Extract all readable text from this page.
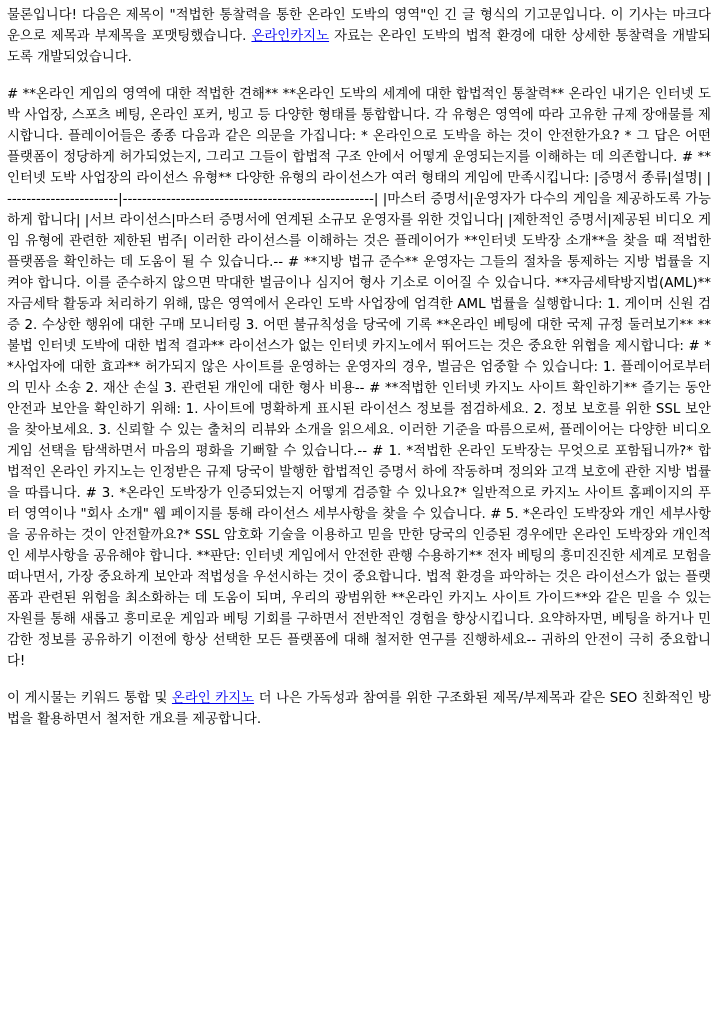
물론입니다! 다음은 제목이 "적법한 통찰력을 통한 온라인 도박의 영역"인 긴 글 형식의 기고문입니다. 이 기사는 마크다운으로 제목과 부제목을 포맷팅했습니다. 온라인카지노 자료는 온라인 도박의 법적 환경에 대한 상세한 통찰력을 개발되도록 개발되었습니다.

# **온라인 게임의 영역에 대한 적법한 견해** **온라인 도박의 세계에 대한 합법적인 통찰력** 온라인 내기은 인터넷 도박 사업장, 스포츠 베팅, 온라인 포커, 빙고 등 다양한 형태를 통합합니다. 각 유형은 영역에 따라 고유한 규제 장애물를 제시합니다. 플레이어들은 종종 다음과 같은 의문을 가집니다: * 온라인으로 도박을 하는 것이 안전한가요? * 그 답은 어떤 플랫폼이 정당하게 허가되었는지, 그리고 그들이 합법적 구조 안에서 어떻게 운영되는지를 이해하는 데 의존합니다. # **인터넷 도박 사업장의 라이선스 유형** 다양한 유형의 라이선스가 여러 형태의 게임에 만족시킵니다: |증명서 종류|설명| |-----------------------|----------------------------------------------------| |마스터 증명서|운영자가 다수의 게임을 제공하도록 가능하게 합니다| |서브 라이선스|마스터 증명서에 연계된 소규모 운영자를 위한 것입니다| |제한적인 증명서|제공된 비디오 게임 유형에 관련한 제한된 범주| 이러한 라이선스를 이해하는 것은 플레이어가 **인터넷 도박장 소개**을 찾을 때 적법한 플랫폼을 확인하는 데 도움이 될 수 있습니다.-- # **지방 법규 준수** 운영자는 그들의 절차을 통제하는 지방 법률을 지켜야 합니다. 이를 준수하지 않으면 막대한 벌금이나 심지어 형사 기소로 이어질 수 있습니다. **자금세탁방지법(AML)** 자금세탁 활동과 처리하기 위해, 많은 영역에서 온라인 도박 사업장에 엄격한 AML 법률을 실행합니다: 1. 게이머 신원 검증 2. 수상한 행위에 대한 구매 모니터링 3. 어떤 불규칙성을 당국에 기록 **온라인 베팅에 대한 국제 규정 둘러보기** **불법 인터넷 도박에 대한 법적 결과** 라이선스가 없는 인터넷 카지노에서 뛰어드는 것은 중요한 위협을 제시합니다: # **사업자에 대한 효과** 허가되지 않은 사이트를 운영하는 운영자의 경우, 벌금은 엄중할 수 있습니다: 1. 플레이어로부터의 민사 소송 2. 재산 손실 3. 관련된 개인에 대한 형사 비용-- # **적법한 인터넷 카지노 사이트 확인하기** 즐기는 동안 안전과 보안을 확인하기 위해: 1. 사이트에 명확하게 표시된 라이선스 정보를 점검하세요. 2. 정보 보호를 위한 SSL 보안을 찾아보세요. 3. 신뢰할 수 있는 출처의 리뷰와 소개을 읽으세요. 이러한 기준을 따름으로써, 플레이어는 다양한 비디오 게임 선택을 탐색하면서 마음의 평화을 기뻐할 수 있습니다.-- # 1. *적법한 온라인 도박장는 무엇으로 포함됩니까?* 합법적인 온라인 카지노는 인정받은 규제 당국이 발행한 합법적인 증명서 하에 작동하며 정의와 고객 보호에 관한 지방 법률을 따릅니다. # 3. *온라인 도박장가 인증되었는지 어떻게 검증할 수 있나요?* 일반적으로 카지노 사이트 홈페이지의 푸터 영역이나 "회사 소개" 웹 페이지를 통해 라이선스 세부사항을 찾을 수 있습니다. # 5. *온라인 도박장와 개인 세부사항을 공유하는 것이 안전할까요?* SSL 암호화 기술을 이용하고 믿을 만한 당국의 인증된 경우에만 온라인 도박장와 개인적인 세부사항을 공유해야 합니다. **판단: 인터넷 게임에서 안전한 관행 수용하기** 전자 베팅의 흥미진진한 세계로 모험을 떠나면서, 가장 중요하게 보안과 적법성을 우선시하는 것이 중요합니다. 법적 환경을 파악하는 것은 라이선스가 없는 플랫폼과 관련된 위험을 최소화하는 데 도움이 되며, 우리의 광범위한 **온라인 카지노 사이트 가이드**와 같은 믿을 수 있는 자원를 통해 새롭고 흥미로운 게임과 베팅 기회를 구하면서 전반적인 경험을 향상시킵니다. 요약하자면, 베팅을 하거나 민감한 정보를 공유하기 이전에 항상 선택한 모든 플랫폼에 대해 철저한 연구를 진행하세요-- 귀하의 안전이 극히 중요합니다!

이 게시물는 키워드 통합 및 온라인 카지노 더 나은 가독성과 참여를 위한 구조화된 제목/부제목과 같은 SEO 친화적인 방법을 활용하면서 철저한 개요를 제공합니다.
